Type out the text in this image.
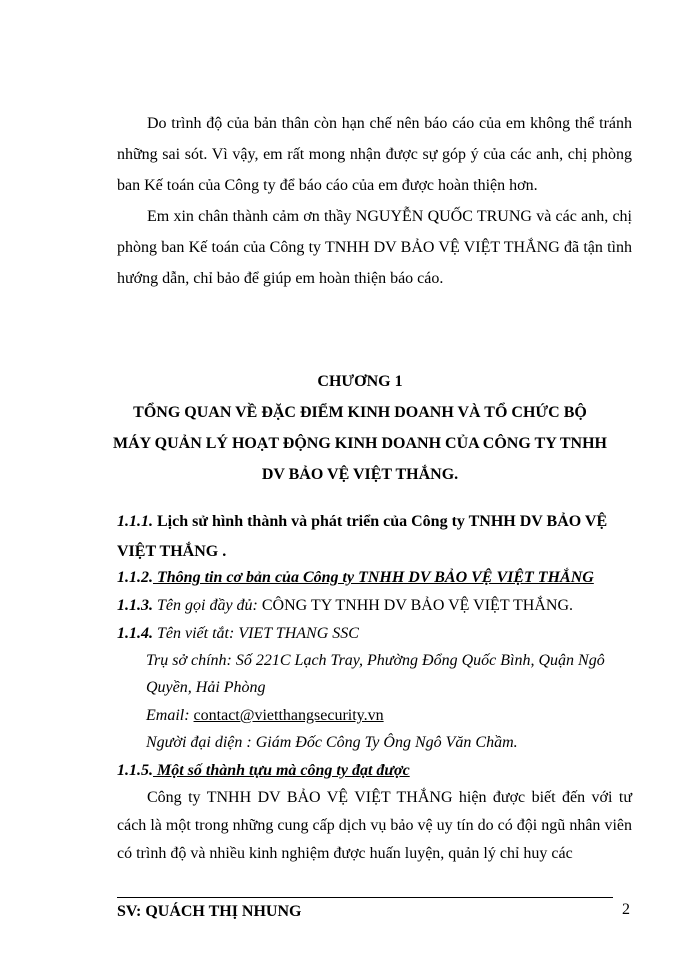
Do trình độ của bản thân còn hạn chế nên báo cáo của em không thể tránh những sai sót. Vì vậy, em rất mong nhận được sự góp ý của các anh, chị phòng ban Kế toán của Công ty để báo cáo của em được hoàn thiện hơn.

Em xin chân thành cảm ơn thầy NGUYỄN QUỐC TRUNG và các anh, chị phòng ban Kế toán của Công ty TNHH DV BẢO VỆ VIỆT THẮNG đã tận tình hướng dẫn, chỉ bảo để giúp em hoàn thiện báo cáo.

CHƯƠNG 1

TỔNG QUAN VỀ ĐẶC ĐIỂM KINH DOANH VÀ TỔ CHỨC BỘ

MÁY QUẢN LÝ HOẠT ĐỘNG KINH DOANH CỦA CÔNG TY TNHH

DV BẢO VỆ VIỆT THẮNG.

1.1.1. Lịch sử hình thành và phát triển của Công ty TNHH DV BẢO VỆ

VIỆT THẮNG .

1.1.2. Thông tin cơ bản của Công ty TNHH DV BẢO VỆ VIỆT THẮNG

1.1.3. Tên gọi đầy đủ: CÔNG TY TNHH DV BẢO VỆ VIỆT THẮNG.

1.1.4. Tên viết tắt: VIET THANG SSC

Trụ sở chính: Số 221C Lạch Tray, Phường Đổng Quốc Bình, Quận Ngô

Quyền, Hải Phòng

Email: contact@vietthangsecurity.vn

Người đại diện : Giám Đốc Công Ty Ông Ngô Văn Chầm.

1.1.5. Một số thành tựu mà công ty đạt được

Công ty TNHH DV BẢO VỆ VIỆT THẮNG hiện được biết đến với tư cách là một trong những cung cấp dịch vụ bảo vệ uy tín do có đội ngũ nhân viên có trình độ và nhiều kinh nghiệm được huấn luyện, quản lý chỉ huy các

SV: QUÁCH THỊ NHUNG	2
